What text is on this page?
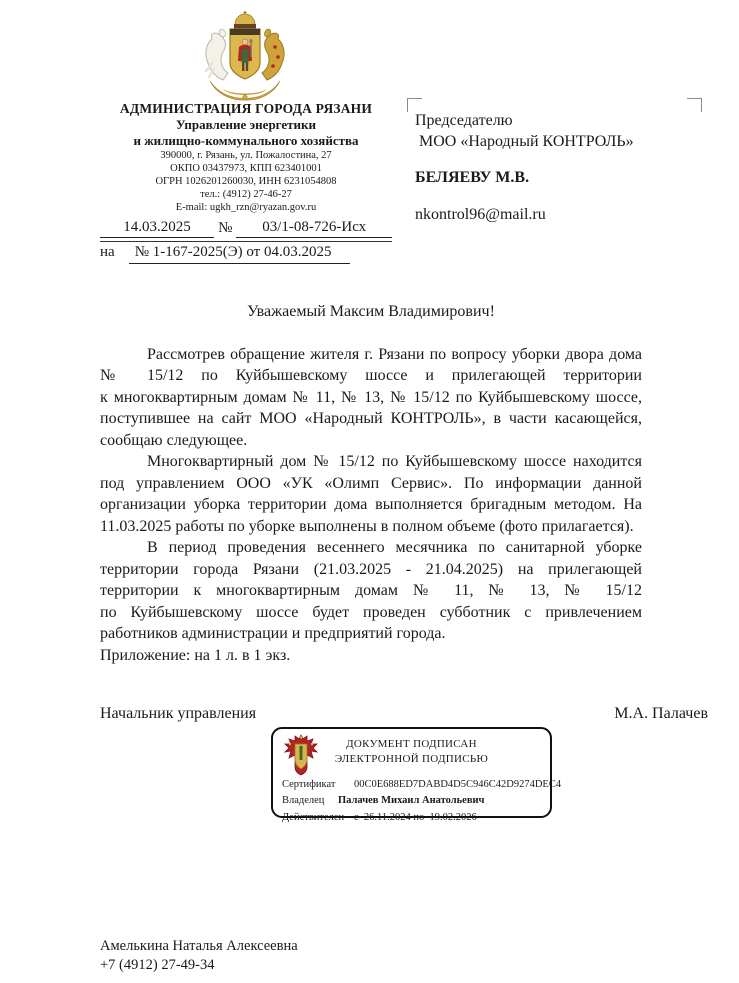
АДМИНИСТРАЦИЯ ГОРОДА РЯЗАНИ
Управление энергетики
и жилищно-коммунального хозяйства
390000, г. Рязань, ул. Пожалостина, 27
ОКПО 03437973, КПП 623401001
ОГРН 1026201260030, ИНН 6231054808
тел.: (4912) 27-46-27
E-mail: ugkh_rzn@ryazan.gov.ru
14.03.2025	№	03/1-08-726-Исх
на	№ 1-167-2025(Э) от 04.03.2025
Председателю
МОО «Народный КОНТРОЛЬ»
БЕЛЯЕВУ М.В.
nkontrol96@mail.ru

Уважаемый Максим Владимирович!

Рассмотрев обращение жителя г. Рязани по вопросу уборки двора дома № 15/12 по Куйбышевскому шоссе и прилегающей территории к многоквартирным домам № 11, № 13, № 15/12 по Куйбышевскому шоссе, поступившее на сайт МОО «Народный КОНТРОЛЬ», в части касающейся, сообщаю следующее.

Многоквартирный дом № 15/12 по Куйбышевскому шоссе находится под управлением ООО «УК «Олимп Сервис». По информации данной организации уборка территории дома выполняется бригадным методом. На 11.03.2025 работы по уборке выполнены в полном объеме (фото прилагается).

В период проведения весеннего месячника по санитарной уборке территории города Рязани (21.03.2025 - 21.04.2025) на прилегающей территории к многоквартирным домам № 11, № 13, № 15/12 по Куйбышевскому шоссе будет проведен субботник с привлечением работников администрации и предприятий города.

Приложение: на 1 л. в 1 экз.

Начальник управления	М.А. Палачев
ДОКУМЕНТ ПОДПИСАН
ЭЛЕКТРОННОЙ ПОДПИСЬЮ
Сертификат	00C0E688ED7DABD4D5C946C42D9274DEC4
Владелец	Палачев Михаил Анатольевич
Действителен с  26.11.2024 по  19.02.2026
Амелькина Наталья Алексеевна
+7 (4912) 27-49-34
